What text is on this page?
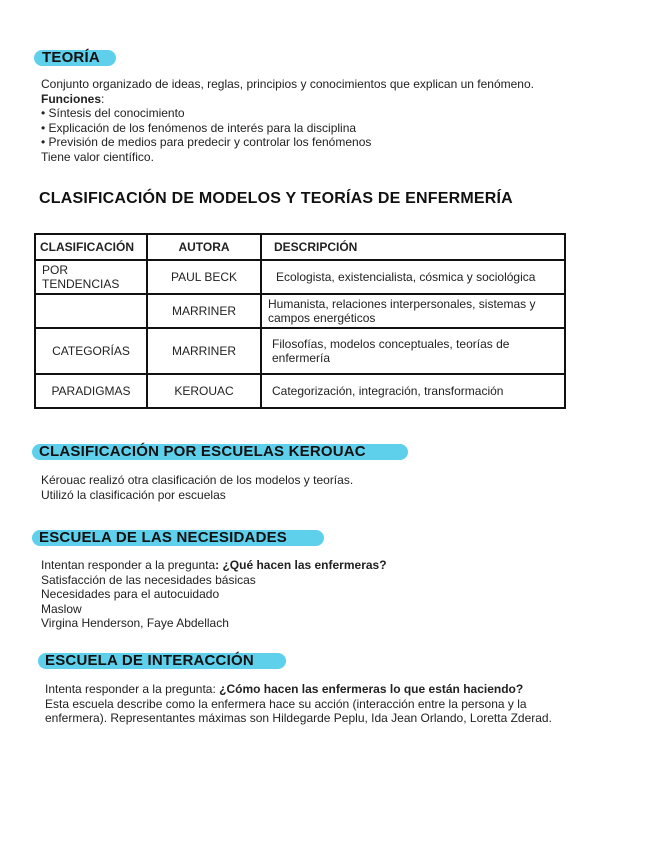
TEORÍA
Conjunto organizado de ideas, reglas, principios y conocimientos que explican un fenómeno.
Funciones:
• Síntesis del conocimiento
• Explicación de los fenómenos de interés para la disciplina
• Previsión de medios para predecir y controlar los fenómenos
Tiene valor científico.
CLASIFICACIÓN DE MODELOS Y TEORÍAS DE ENFERMERÍA
CLASIFICACIÓN	AUTORA	DESCRIPCIÓN
POR TENDENCIAS	PAUL BECK	Ecologista, existencialista, cósmica y sociológica
	MARRINER	Humanista, relaciones interpersonales, sistemas y campos energéticos
CATEGORÍAS	MARRINER	Filosofías, modelos conceptuales, teorías de enfermería
PARADIGMAS	KEROUAC	Categorización, integración, transformación
CLASIFICACIÓN POR ESCUELAS KEROUAC
Kérouac realizó otra clasificación de los modelos y teorías.
Utilizó la clasificación por escuelas
ESCUELA DE LAS NECESIDADES
Intentan responder a la pregunta: ¿Qué hacen las enfermeras?
Satisfacción de las necesidades básicas
Necesidades para el autocuidado
Maslow
Virgina Henderson, Faye Abdellach
ESCUELA DE INTERACCIÓN
Intenta responder a la pregunta: ¿Cómo hacen las enfermeras lo que están haciendo?
Esta escuela describe como la enfermera hace su acción (interacción entre la persona y la
enfermera). Representantes máximas son Hildegarde Peplu, Ida Jean Orlando, Loretta Zderad.
